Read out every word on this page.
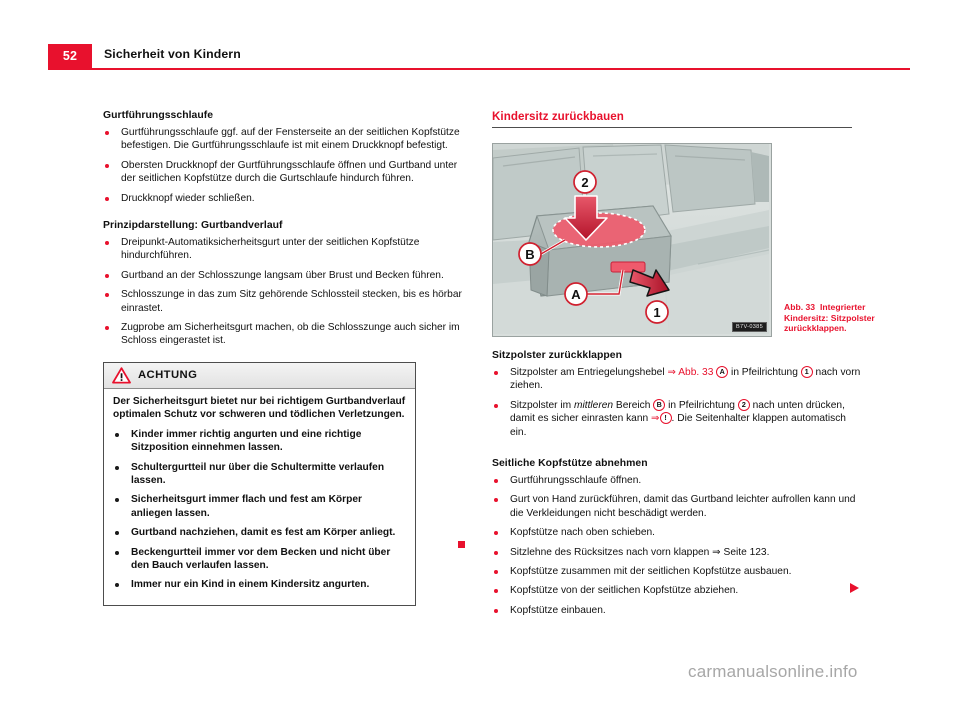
52	Sicherheit von Kindern
Gurtführungsschlaufe
Gurtführungsschlaufe ggf. auf der Fensterseite an der seitlichen Kopfstütze befestigen. Die Gurtführungsschlaufe ist mit einem Druckknopf befestigt.
Obersten Druckknopf der Gurtführungsschlaufe öffnen und Gurtband unter der seitlichen Kopfstütze durch die Gurtschlaufe hindurch führen.
Druckknopf wieder schließen.
Prinzipdarstellung: Gurtbandverlauf
Dreipunkt-Automatiksicherheitsgurt unter der seitlichen Kopfstütze hindurchführen.
Gurtband an der Schlosszunge langsam über Brust und Becken führen.
Schlosszunge in das zum Sitz gehörende Schlossteil stecken, bis es hörbar einrastet.
Zugprobe am Sicherheitsgurt machen, ob die Schlosszunge auch sicher im Schloss eingerastet ist.
ACHTUNG

Der Sicherheitsgurt bietet nur bei richtigem Gurtbandverlauf optimalen Schutz vor schweren und tödlichen Verletzungen.

Kinder immer richtig angurten und eine richtige Sitzposition einnehmen lassen.
Schultergurtteil nur über die Schultermitte verlaufen lassen.
Sicherheitsgurt immer flach und fest am Körper anliegen lassen.
Gurtband nachziehen, damit es fest am Körper anliegt.
Beckengurtteil immer vor dem Becken und nicht über den Bauch verlaufen lassen.
Immer nur ein Kind in einem Kindersitz angurten.
Kindersitz zurückbauen
2
B
A
1
B7V-0385
Abb. 33 Integrierter Kindersitz: Sitzpolster zurückklappen.
Sitzpolster zurückklappen
Sitzpolster am Entriegelungshebel ⇒ Abb. 33 A in Pfeilrichtung 1 nach vorn ziehen.
Sitzpolster im mittleren Bereich B in Pfeilrichtung 2 nach unten drücken, damit es sicher einrasten kann ⇒ ! . Die Seitenhalter klappen automatisch ein.
Seitliche Kopfstütze abnehmen
Gurtführungsschlaufe öffnen.
Gurt von Hand zurückführen, damit das Gurtband leichter aufrollen kann und die Verkleidungen nicht beschädigt werden.
Kopfstütze nach oben schieben.
Sitzlehne des Rücksitzes nach vorn klappen ⇒ Seite 123.
Kopfstütze zusammen mit der seitlichen Kopfstütze ausbauen.
Kopfstütze von der seitlichen Kopfstütze abziehen.
Kopfstütze einbauen.
carmanualsonline.info
